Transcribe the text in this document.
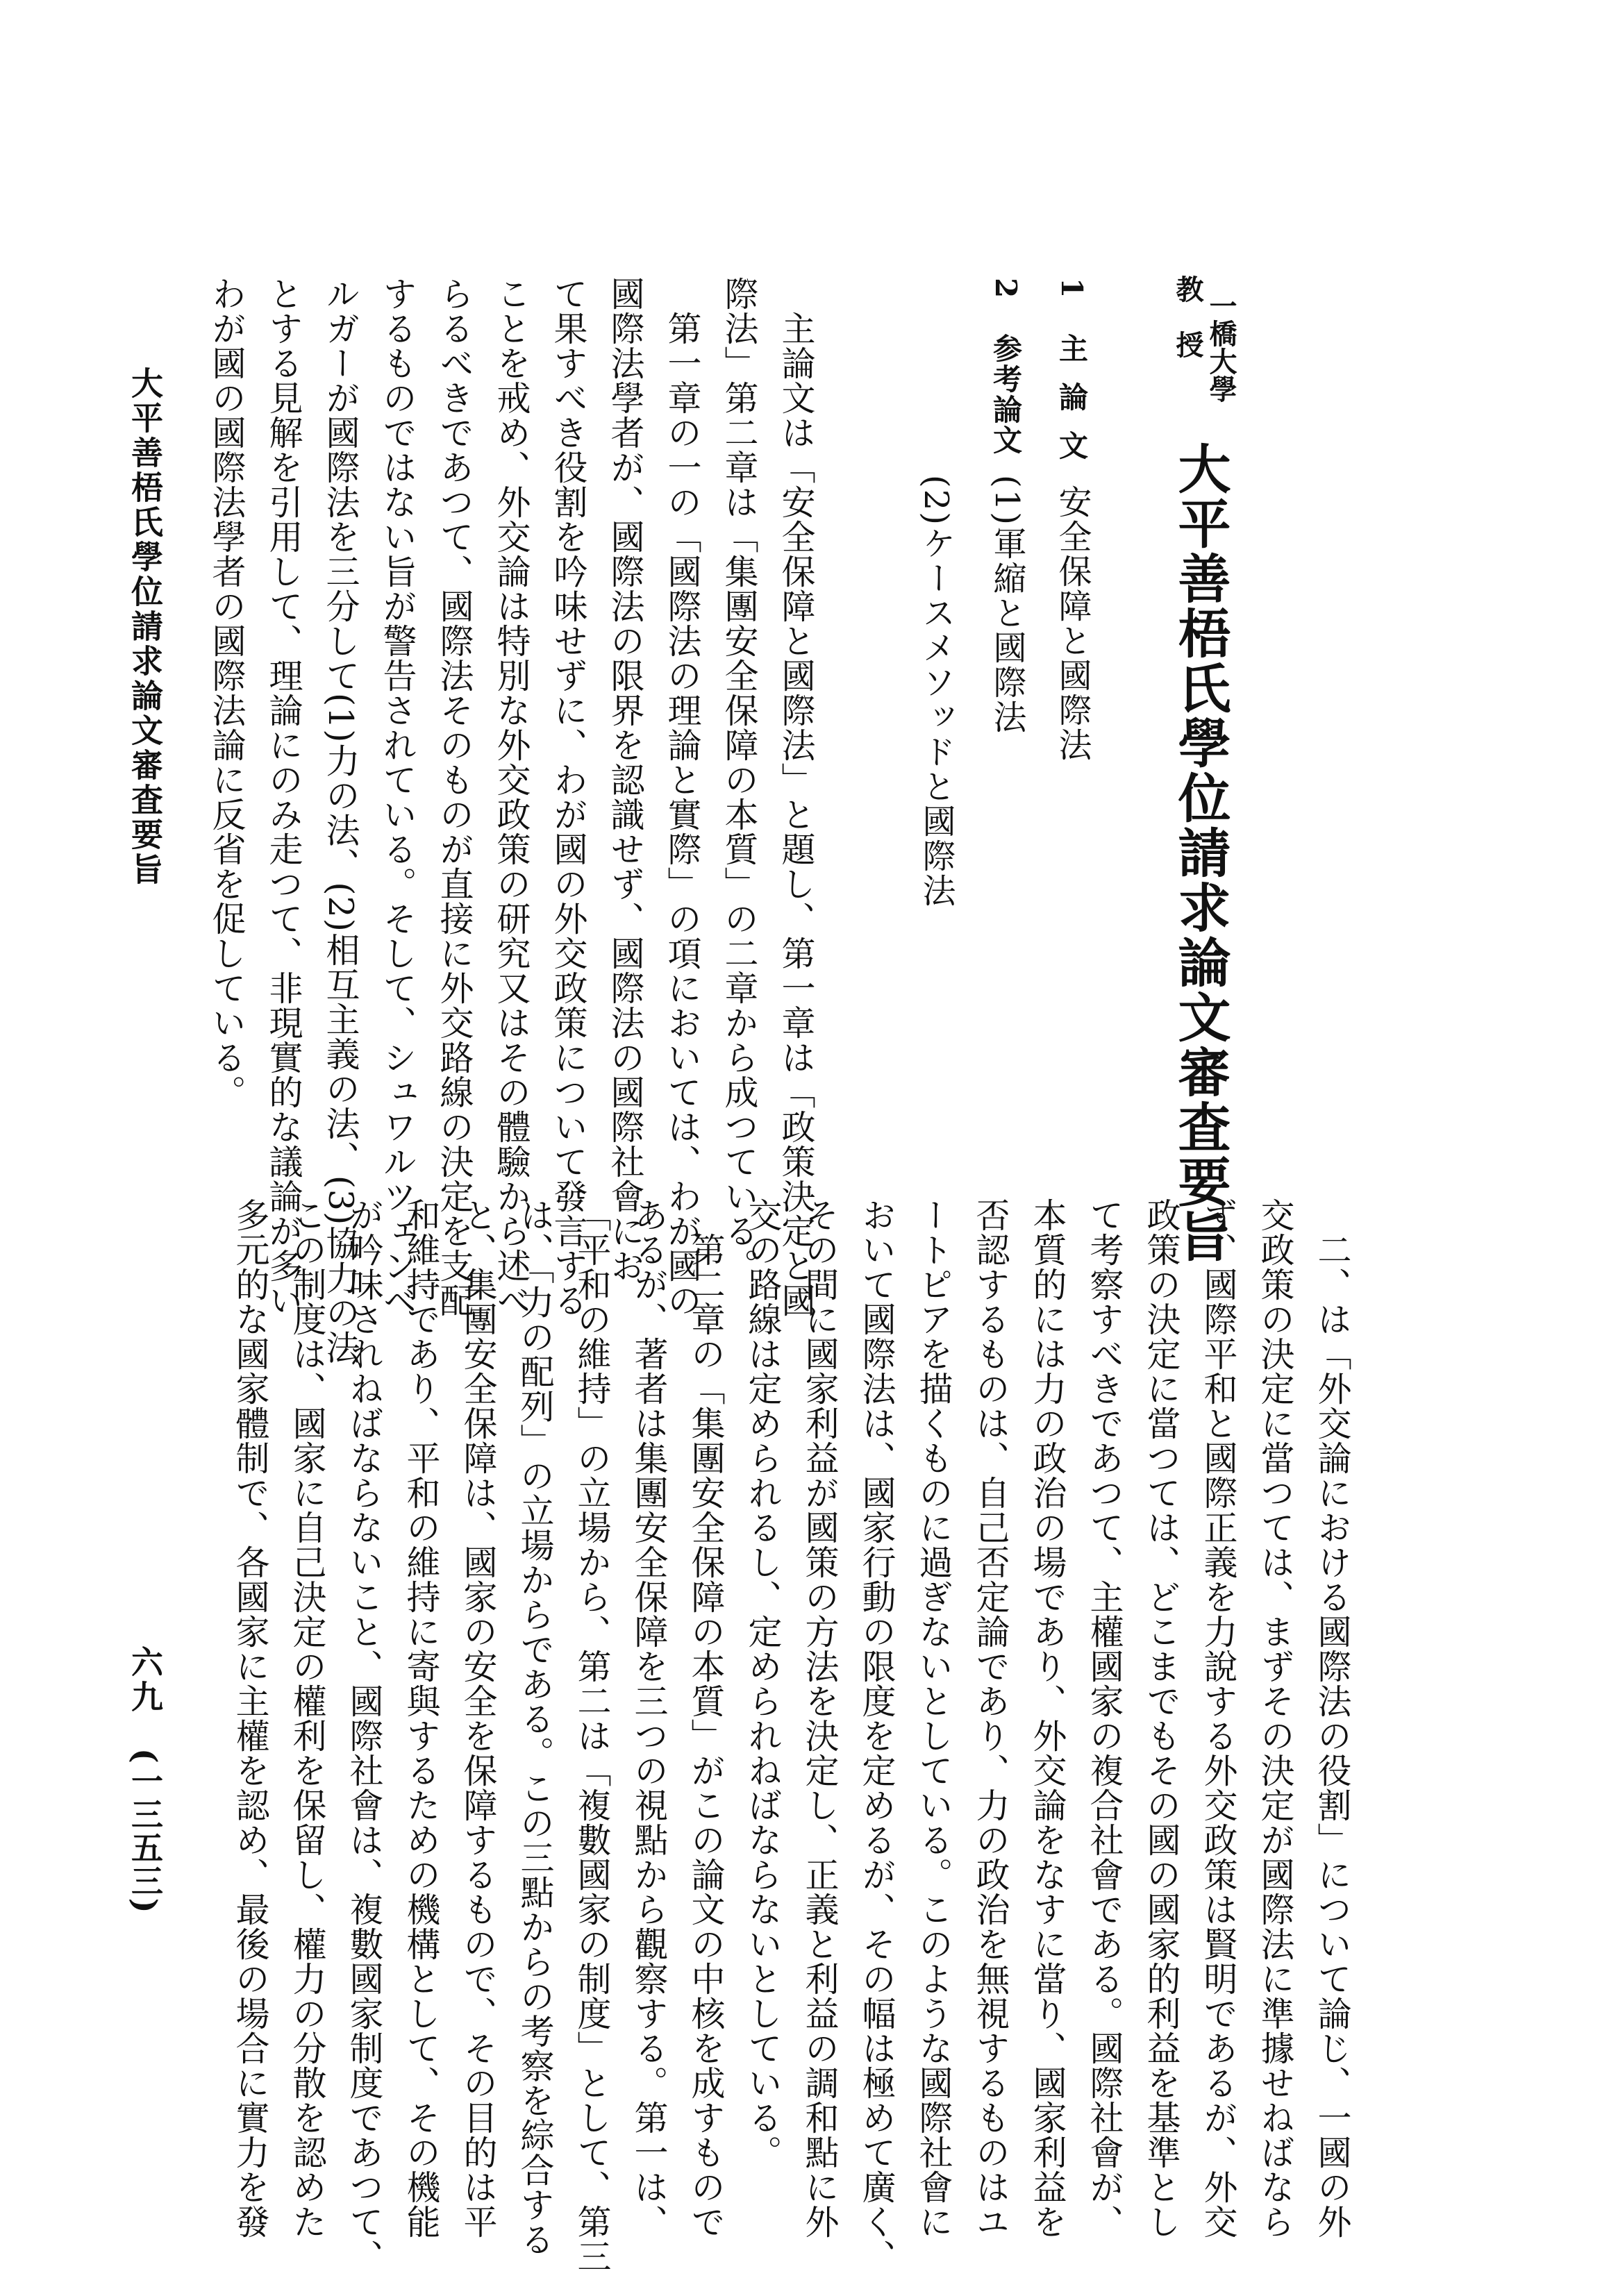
一橋大學
教　授
大平善梧氏學位請求論文審査要旨
1
主論文
安全保障と國際法
2
参考論文
(1)軍縮と國際法
(2)ケースメソッドと國際法
　主論文は「安全保障と國際法」と題し、第一章は「政策決定と國
際法」第二章は「集團安全保障の本質」の二章から成つている。
　第一章の一の「國際法の理論と實際」の項においては、わが國の
國際法學者が、國際法の限界を認識せず、國際法の國際社會にお
て果すべき役割を吟味せずに、わが國の外交政策について發言する
ことを戒め、外交論は特別な外交政策の研究又はその體驗から述べ
らるべきであつて、國際法そのものが直接に外交路線の決定を支配
するものではない旨が警告されている。そして、シュワルツェンベ
ルガーが國際法を三分して(1)力の法、(2)相互主義の法、(3)協力の法
とする見解を引用して、理論にのみ走つて、非現實的な議論が多い
わが國の國際法學者の國際法論に反省を促している。
　二、は「外交論における國際法の役割」について論じ、一國の外
交政策の決定に當つては、まずその決定が國際法に準據せねばなら
ず、國際平和と國際正義を力說する外交政策は賢明であるが、外交
政策の決定に當つては、どこまでもその國の國家的利益を基準とし
て考察すべきであつて、主權國家の複合社會である。國際社會が、
本質的には力の政治の場であり、外交論をなすに當り、國家利益を
否認するものは、自己否定論であり、力の政治を無視するものはユ
ートピアを描くものに過ぎないとしている。このような國際社會に
おいて國際法は、國家行動の限度を定めるが、その幅は極めて廣く、
その間に國家利益が國策の方法を決定し、正義と利益の調和點に外
交の路線は定められるし、定められねばならないとしている。
　第二章の「集團安全保障の本質」がこの論文の中核を成すもので
あるが、著者は集團安全保障を三つの視點から觀察する。第一は、
「平和の維持」の立場から、第二は「複數國家の制度」として、第三
は、「力の配列」の立場からである。この三點からの考察を綜合する
と、集團安全保障は、國家の安全を保障するもので、その目的は平
和維持であり、平和の維持に寄與するための機構として、その機能
が吟味されねばならないこと、國際社會は、複數國家制度であつて、
この制度は、國家に自己決定の權利を保留し、權力の分散を認めた
多元的な國家體制で、各國家に主權を認め、最後の場合に實力を發
大平善梧氏學位請求論文審査要旨
六九
(一三五三)
